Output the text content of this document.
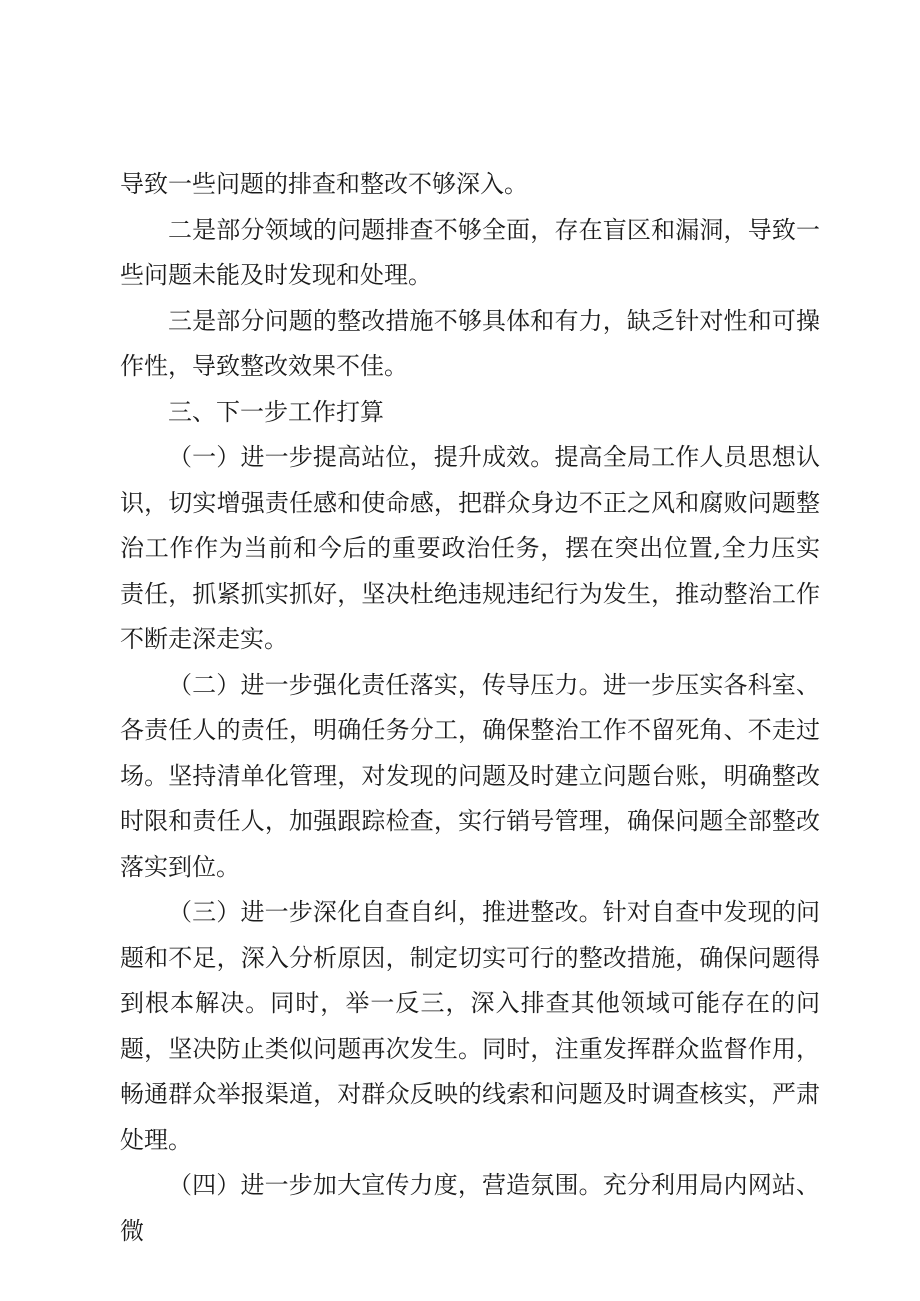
导致一些问题的排查和整改不够深入。

二是部分领域的问题排查不够全面，存在盲区和漏洞，导致一些问题未能及时发现和处理。

三是部分问题的整改措施不够具体和有力，缺乏针对性和可操作性，导致整改效果不佳。

三、下一步工作打算

（一）进一步提高站位，提升成效。提高全局工作人员思想认识，切实增强责任感和使命感，把群众身边不正之风和腐败问题整治工作作为当前和今后的重要政治任务，摆在突出位置,全力压实责任，抓紧抓实抓好，坚决杜绝违规违纪行为发生，推动整治工作不断走深走实。

（二）进一步强化责任落实，传导压力。进一步压实各科室、各责任人的责任，明确任务分工，确保整治工作不留死角、不走过场。坚持清单化管理，对发现的问题及时建立问题台账，明确整改时限和责任人，加强跟踪检查，实行销号管理，确保问题全部整改落实到位。

（三）进一步深化自查自纠，推进整改。针对自查中发现的问题和不足，深入分析原因，制定切实可行的整改措施，确保问题得到根本解决。同时，举一反三，深入排查其他领域可能存在的问题，坚决防止类似问题再次发生。同时，注重发挥群众监督作用，畅通群众举报渠道，对群众反映的线索和问题及时调查核实，严肃处理。

（四）进一步加大宣传力度，营造氛围。充分利用局内网站、微
